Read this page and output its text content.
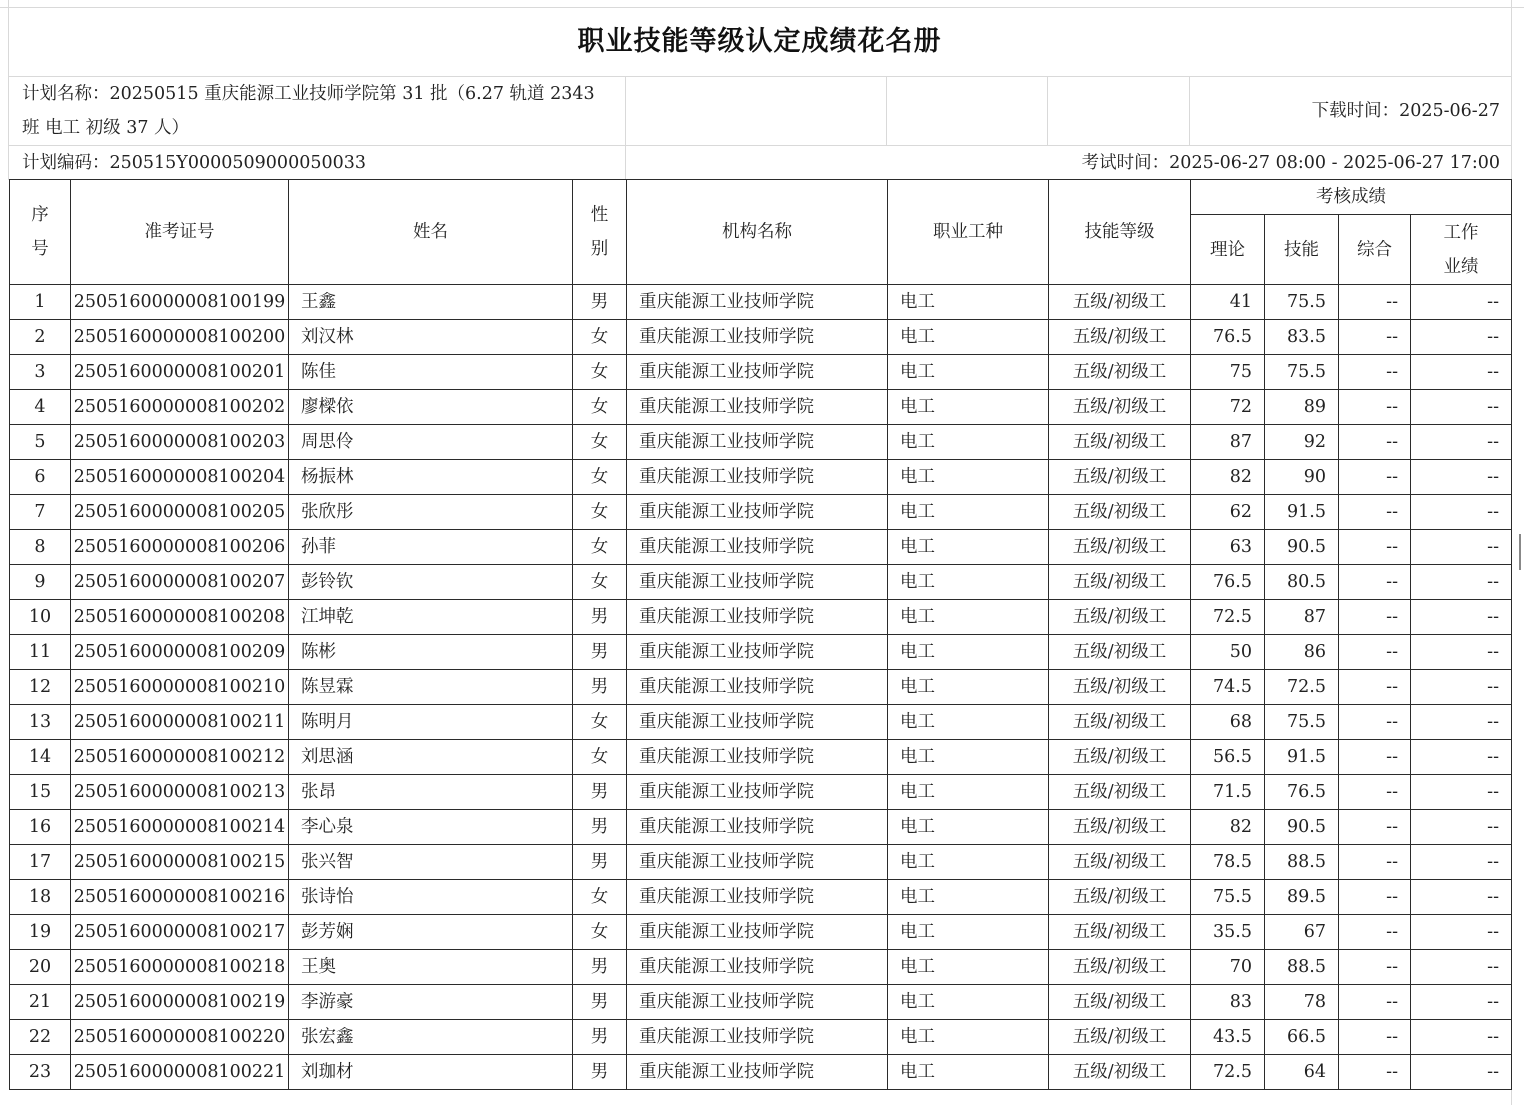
职业技能等级认定成绩花名册
计划名称：20250515 重庆能源工业技师学院第 31 批（6.27 轨道 2343
班 电工 初级 37 人）
下载时间：2025-06-27
计划编码：250515Y0000509000050033	考试时间：2025-06-27 08:00 - 2025-06-27 17:00
序
号	准考证号	姓名	性
别	机构名称	职业工种	技能等级	考核成绩			
							理论	技能	综合	工作
业绩

1	2505160000008100199	王鑫	男	重庆能源工业技师学院	电工	五级/初级工	41	75.5	--	--
2	2505160000008100200	刘汉林	女	重庆能源工业技师学院	电工	五级/初级工	76.5	83.5	--	--
3	2505160000008100201	陈佳	女	重庆能源工业技师学院	电工	五级/初级工	75	75.5	--	--
4	2505160000008100202	廖樑依	女	重庆能源工业技师学院	电工	五级/初级工	72	89	--	--
5	2505160000008100203	周思伶	女	重庆能源工业技师学院	电工	五级/初级工	87	92	--	--
6	2505160000008100204	杨振林	女	重庆能源工业技师学院	电工	五级/初级工	82	90	--	--
7	2505160000008100205	张欣彤	女	重庆能源工业技师学院	电工	五级/初级工	62	91.5	--	--
8	2505160000008100206	孙菲	女	重庆能源工业技师学院	电工	五级/初级工	63	90.5	--	--
9	2505160000008100207	彭铃钦	女	重庆能源工业技师学院	电工	五级/初级工	76.5	80.5	--	--
10	2505160000008100208	江坤乾	男	重庆能源工业技师学院	电工	五级/初级工	72.5	87	--	--
11	2505160000008100209	陈彬	男	重庆能源工业技师学院	电工	五级/初级工	50	86	--	--
12	2505160000008100210	陈昱霖	男	重庆能源工业技师学院	电工	五级/初级工	74.5	72.5	--	--
13	2505160000008100211	陈明月	女	重庆能源工业技师学院	电工	五级/初级工	68	75.5	--	--
14	2505160000008100212	刘思涵	女	重庆能源工业技师学院	电工	五级/初级工	56.5	91.5	--	--
15	2505160000008100213	张昂	男	重庆能源工业技师学院	电工	五级/初级工	71.5	76.5	--	--
16	2505160000008100214	李心泉	男	重庆能源工业技师学院	电工	五级/初级工	82	90.5	--	--
17	2505160000008100215	张兴智	男	重庆能源工业技师学院	电工	五级/初级工	78.5	88.5	--	--
18	2505160000008100216	张诗怡	女	重庆能源工业技师学院	电工	五级/初级工	75.5	89.5	--	--
19	2505160000008100217	彭芳娴	女	重庆能源工业技师学院	电工	五级/初级工	35.5	67	--	--
20	2505160000008100218	王奥	男	重庆能源工业技师学院	电工	五级/初级工	70	88.5	--	--
21	2505160000008100219	李游豪	男	重庆能源工业技师学院	电工	五级/初级工	83	78	--	--
22	2505160000008100220	张宏鑫	男	重庆能源工业技师学院	电工	五级/初级工	43.5	66.5	--	--
23	2505160000008100221	刘珈材	男	重庆能源工业技师学院	电工	五级/初级工	72.5	64	--	--
